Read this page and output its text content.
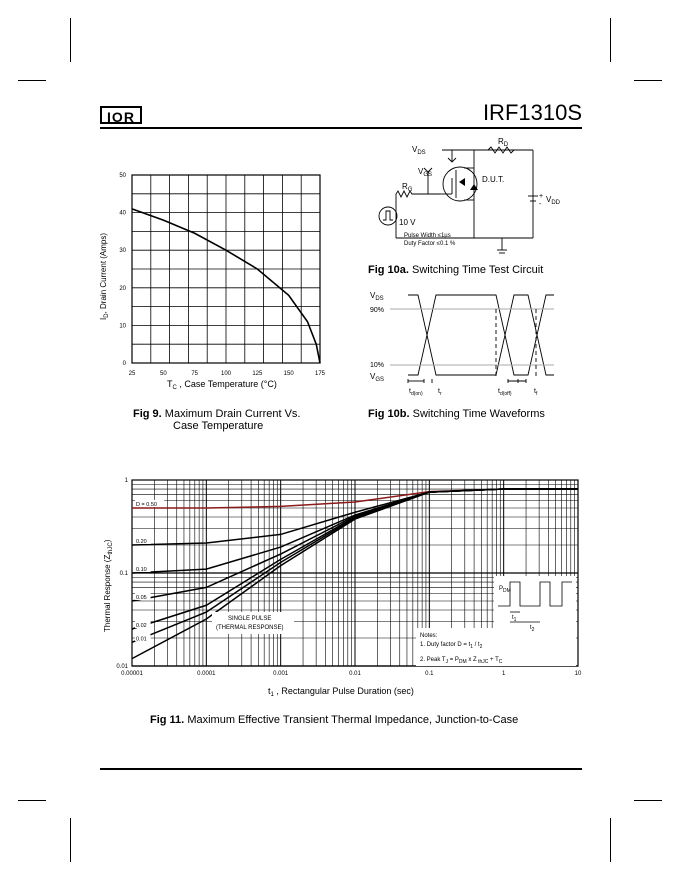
IOR	IRF1310S
0
10
20
30
40
50
25	50	75	100	125	150	175
$T_C$ , Case Temperature (°C)
$I_D$, Drain Current (Amps)
Fig 9. Maximum Drain Current Vs.
Case Temperature
$V_{DS}$
$R_D$
$V_{GS}$
$R_G$
D.U.T.
$V_{DD}$
+
-
10 V
Pulse Width ≤1µs
Duty Factor ≤0.1 %
Fig 10a. Switching Time Test Circuit
$V_{DS}$
90%
10%
$V_{GS}$
$t_{d(on)}$ $t_r$	$t_{d(off)}$	$t_f$
Fig 10b. Switching Time Waveforms
0.00001	0.0001	0.001	0.01	0.1	1	10
0.01
0.1
1
D = 0.50
0.20
0.10
0.05
0.02
0.01
SINGLE PULSE
(THERMAL RESPONSE)
Notes:
1. Duty factor $D = t_1 / t_2$
2. Peak $T_J = P_{DM}$ x Z $_{thJC} + T_C$
$P_{DM}$
$t_1$
$t_2$
$t_1$ , Rectangular Pulse Duration (sec)
Thermal Response $(Z_{thJC})$
Fig 11. Maximum Effective Transient Thermal Impedance, Junction-to-Case
